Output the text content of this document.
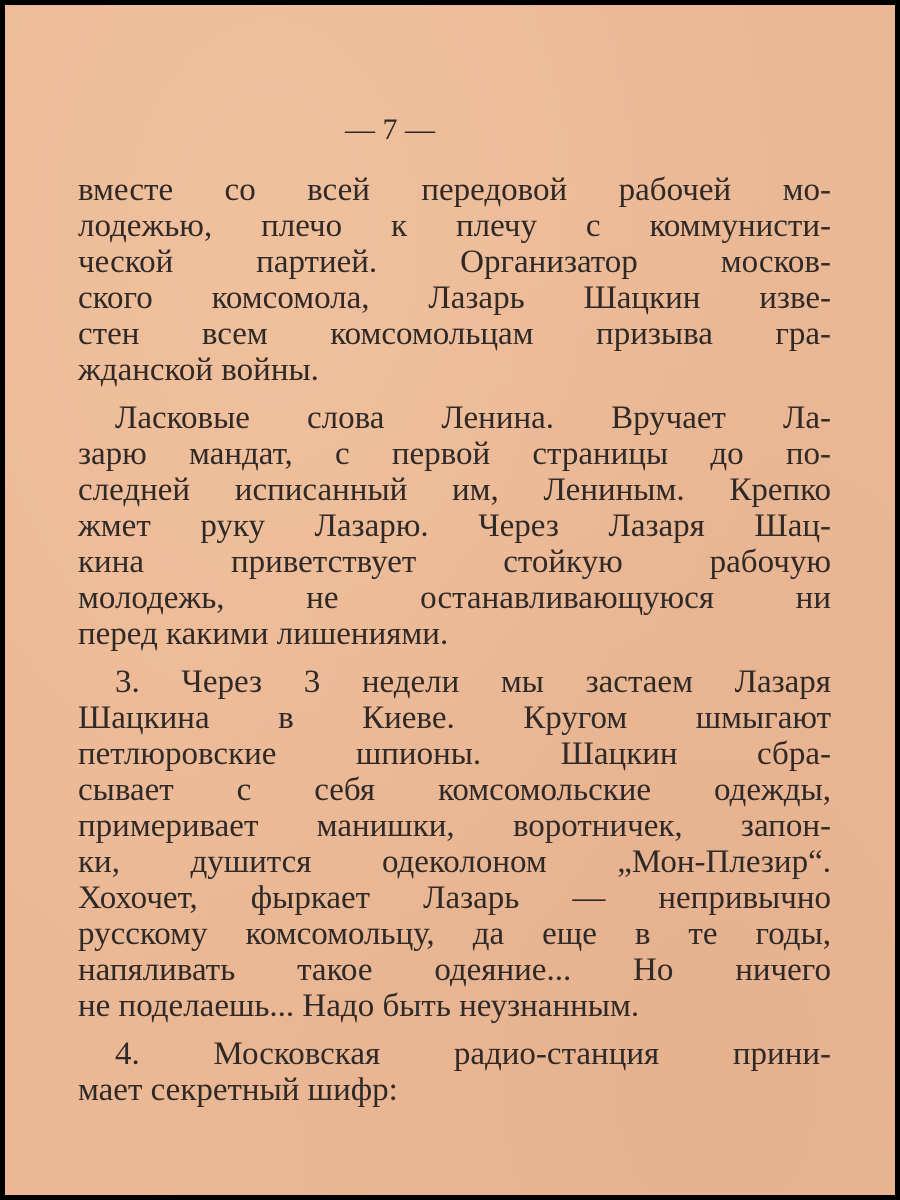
— 7 —
вместе со всей передовой рабочей мо-
лодежью, плечо к плечу с коммунисти-
ческой партией. Организатор москов-
ского комсомола, Лазарь Шацкин изве-
стен всем комсомольцам призыва гра-
жданской войны.
Ласковые слова Ленина. Вручает Ла-
зарю мандат, с первой страницы до по-
следней исписанный им, Лениным. Крепко
жмет руку Лазарю. Через Лазаря Шац-
кина приветствует стойкую рабочую
молодежь, не останавливающуюся ни
перед какими лишениями.
3. Через 3 недели мы застаем Лазаря
Шацкина в Киеве. Кругом шмыгают
петлюровские шпионы. Шацкин сбра-
сывает с себя комсомольские одежды,
примеривает манишки, воротничек, запон-
ки, душится одеколоном „Мон-Плезир“.
Хохочет, фыркает Лазарь — непривычно
русскому комсомольцу, да еще в те годы,
напяливать такое одеяние... Но ничего
не поделаешь... Надо быть неузнанным.
4. Московская радио-станция прини-
мает секретный шифр:
